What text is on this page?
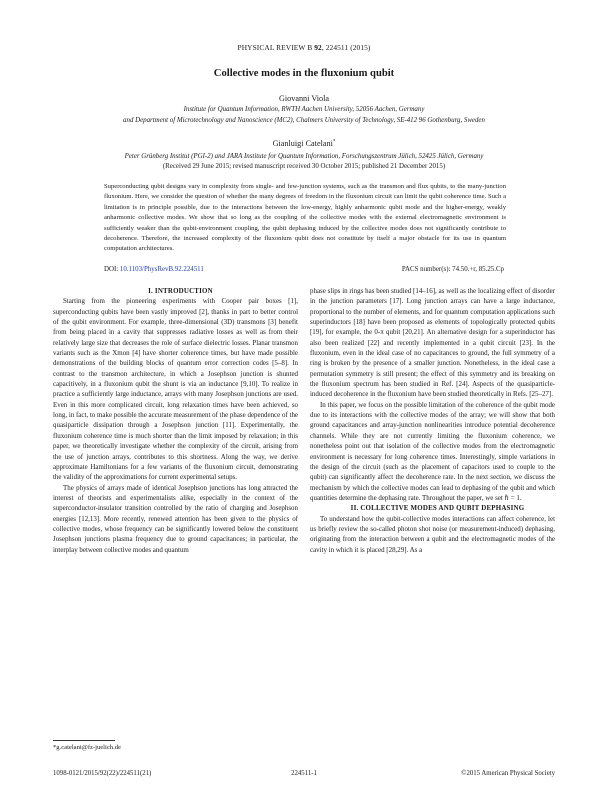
PHYSICAL REVIEW B 92, 224511 (2015)
Collective modes in the fluxonium qubit
Giovanni Viola
Institute for Quantum Information, RWTH Aachen University, 52056 Aachen, Germany
and Department of Microtechnology and Nanoscience (MC2), Chalmers University of Technology, SE-412 96 Gothenburg, Sweden
Gianluigi Catelani*
Peter Grünberg Institut (PGI-2) and JARA Institute for Quantum Information, Forschungszentrum Jülich, 52425 Jülich, Germany
(Received 29 June 2015; revised manuscript received 30 October 2015; published 21 December 2015)
Superconducting qubit designs vary in complexity from single- and few-junction systems, such as the transmon and flux qubits, to the many-junction fluxonium. Here, we consider the question of whether the many degrees of freedom in the fluxonium circuit can limit the qubit coherence time. Such a limitation is in principle possible, due to the interactions between the low-energy, highly anharmonic qubit mode and the higher-energy, weakly anharmonic collective modes. We show that so long as the coupling of the collective modes with the external electromagnetic environment is sufficiently weaker than the qubit-environment coupling, the qubit dephasing induced by the collective modes does not significantly contribute to decoherence. Therefore, the increased complexity of the fluxonium qubit does not constitute by itself a major obstacle for its use in quantum computation architectures.
DOI: 10.1103/PhysRevB.92.224511	PACS number(s): 74.50.+r, 85.25.Cp

I. INTRODUCTION

Starting from the pioneering experiments with Cooper pair boxes [1], superconducting qubits have been vastly improved [2], thanks in part to better control of the qubit environment. For example, three-dimensional (3D) transmons [3] benefit from being placed in a cavity that suppresses radiative losses as well as from their relatively large size that decreases the role of surface dielectric losses. Planar transmon variants such as the Xmon [4] have shorter coherence times, but have made possible demonstrations of the building blocks of quantum error correction codes [5–8]. In contrast to the transmon architecture, in which a Josephson junction is shunted capacitively, in a fluxonium qubit the shunt is via an inductance [9,10]. To realize in practice a sufficiently large inductance, arrays with many Josephson junctions are used. Even in this more complicated circuit, long relaxation times have been achieved, so long, in fact, to make possible the accurate measurement of the phase dependence of the quasiparticle dissipation through a Josephson junction [11]. Experimentally, the fluxonium coherence time is much shorter than the limit imposed by relaxation; in this paper, we theoretically investigate whether the complexity of the circuit, arising from the use of junction arrays, contributes to this shortness. Along the way, we derive approximate Hamiltonians for a few variants of the fluxonium circuit, demonstrating the validity of the approximations for current experimental setups.

The physics of arrays made of identical Josephson junctions has long attracted the interest of theorists and experimentalists alike, especially in the context of the superconductor-insulator transition controlled by the ratio of charging and Josephson energies [12,13]. More recently, renewed attention has been given to the physics of collective modes, whose frequency can be significantly lowered below the constituent Josephson junctions plasma frequency due to ground capacitances; in particular, the interplay between collective modes and quantum

phase slips in rings has been studied [14–16], as well as the localizing effect of disorder in the junction parameters [17]. Long junction arrays can have a large inductance, proportional to the number of elements, and for quantum computation applications such superinductors [18] have been proposed as elements of topologically protected qubits [19], for example, the 0-π qubit [20,21]. An alternative design for a superinductor has also been realized [22] and recently implemented in a qubit circuit [23]. In the fluxonium, even in the ideal case of no capacitances to ground, the full symmetry of a ring is broken by the presence of a smaller junction. Nonetheless, in the ideal case a permutation symmetry is still present; the effect of this symmetry and its breaking on the fluxonium spectrum has been studied in Ref. [24]. Aspects of the quasiparticle-induced decoherence in the fluxonium have been studied theoretically in Refs. [25–27].

In this paper, we focus on the possible limitation of the coherence of the qubit mode due to its interactions with the collective modes of the array; we will show that both ground capacitances and array-junction nonlinearities introduce potential decoherence channels. While they are not currently limiting the fluxonium coherence, we nonetheless point out that isolation of the collective modes from the electromagnetic environment is necessary for long coherence times. Interestingly, simple variations in the design of the circuit (such as the placement of capacitors used to couple to the qubit) can significantly affect the decoherence rate. In the next section, we discuss the mechanism by which the collective modes can lead to dephasing of the qubit and which quantities determine the dephasing rate. Throughout the paper, we set ℏ = 1.

II. COLLECTIVE MODES AND QUBIT DEPHASING

To understand how the qubit-collective modes interactions can affect coherence, let us briefly review the so-called photon shot noise (or measurement-induced) dephasing, originating from the interaction between a qubit and the electromagnetic modes of the cavity in which it is placed [28,29]. As a

*g.catelani@fz-juelich.de
1098-0121/2015/92(22)/224511(21)	224511-1	©2015 American Physical Society
